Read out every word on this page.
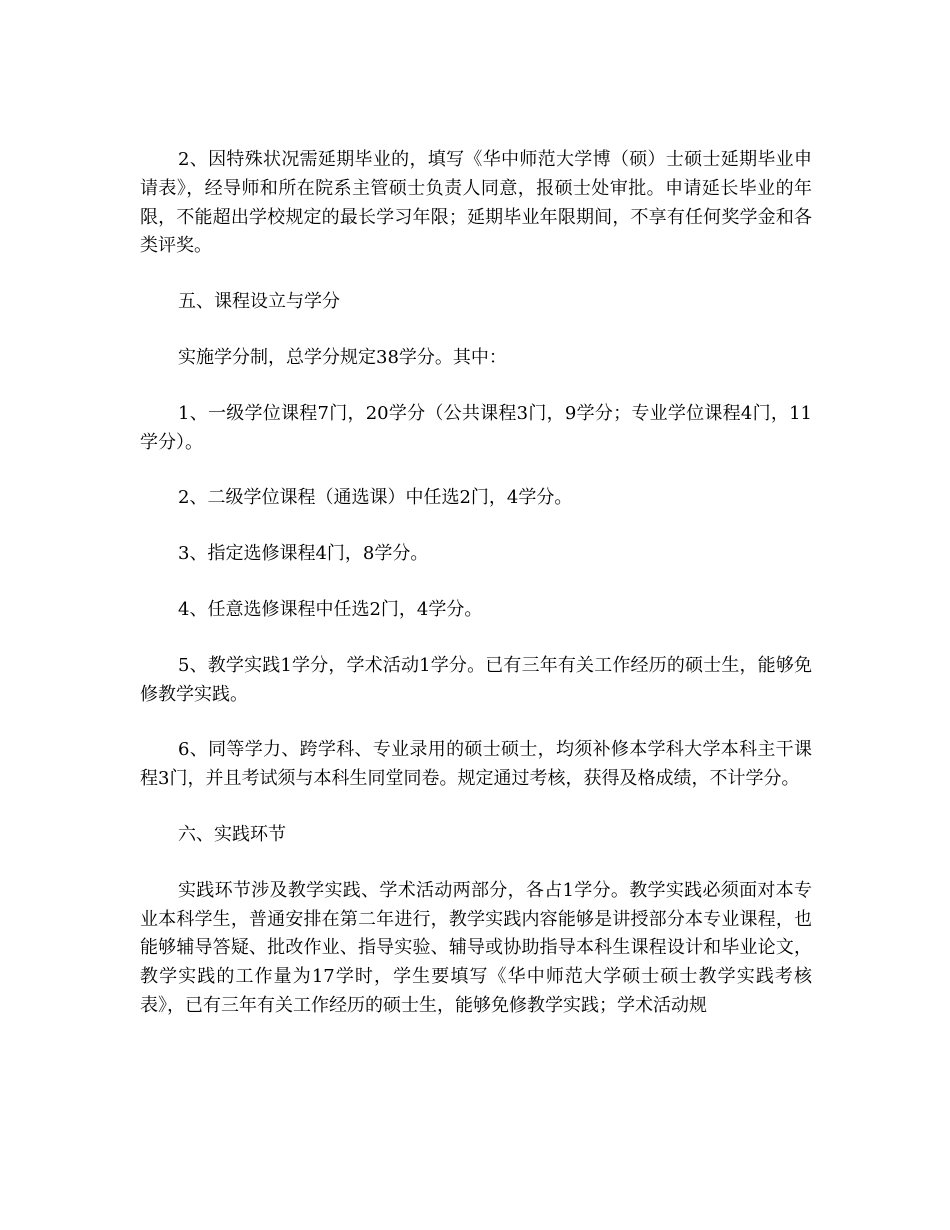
2、因特殊状况需延期毕业的，填写《华中师范大学博（硕）士硕士延期毕业申请表》，经导师和所在院系主管硕士负责人同意，报硕士处审批。申请延长毕业的年限，不能超出学校规定的最长学习年限；延期毕业年限期间，不享有任何奖学金和各类评奖。

五、课程设立与学分

实施学分制，总学分规定38学分。其中：

1、一级学位课程7门，20学分（公共课程3门，9学分；专业学位课程4门，11学分）。

2、二级学位课程（通选课）中任选2门，4学分。

3、指定选修课程4门，8学分。

4、任意选修课程中任选2门，4学分。

5、教学实践1学分，学术活动1学分。已有三年有关工作经历的硕士生，能够免修教学实践。

6、同等学力、跨学科、专业录用的硕士硕士，均须补修本学科大学本科主干课程3门，并且考试须与本科生同堂同卷。规定通过考核，获得及格成绩，不计学分。

六、实践环节

实践环节涉及教学实践、学术活动两部分，各占1学分。教学实践必须面对本专业本科学生，普通安排在第二年进行，教学实践内容能够是讲授部分本专业课程，也能够辅导答疑、批改作业、指导实验、辅导或协助指导本科生课程设计和毕业论文，教学实践的工作量为17学时，学生要填写《华中师范大学硕士硕士教学实践考核表》，已有三年有关工作经历的硕士生，能够免修教学实践；学术活动规
